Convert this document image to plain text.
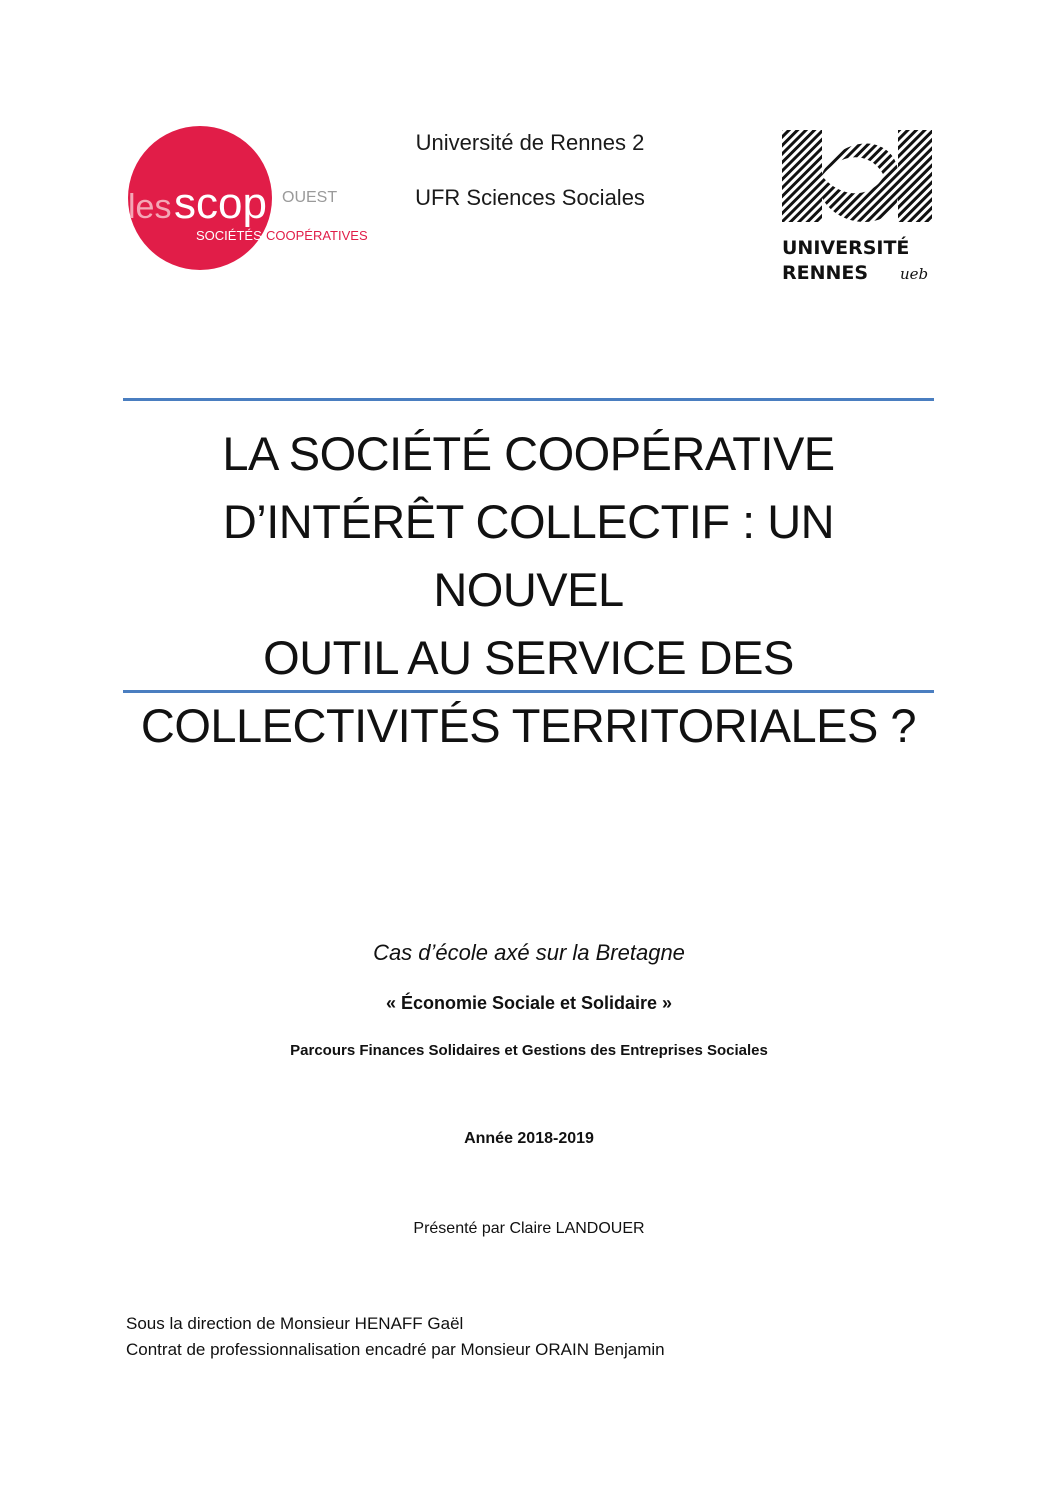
Université de Rennes 2
UFR Sciences Sociales
les scop OUEST
SOCIÉTÉS COOPÉRATIVES
UNIVERSITÉ
RENNES ueb
LA SOCIÉTÉ COOPÉRATIVE
D’INTÉRÊT COLLECTIF : UN NOUVEL
OUTIL AU SERVICE DES
COLLECTIVITÉS TERRITORIALES ?
Cas d’école axé sur la Bretagne
« Économie Sociale et Solidaire »
Parcours Finances Solidaires et Gestions des Entreprises Sociales
Année 2018-2019
Présenté par Claire LANDOUER
Sous la direction de Monsieur HENAFF Gaël
Contrat de professionnalisation encadré par Monsieur ORAIN Benjamin
